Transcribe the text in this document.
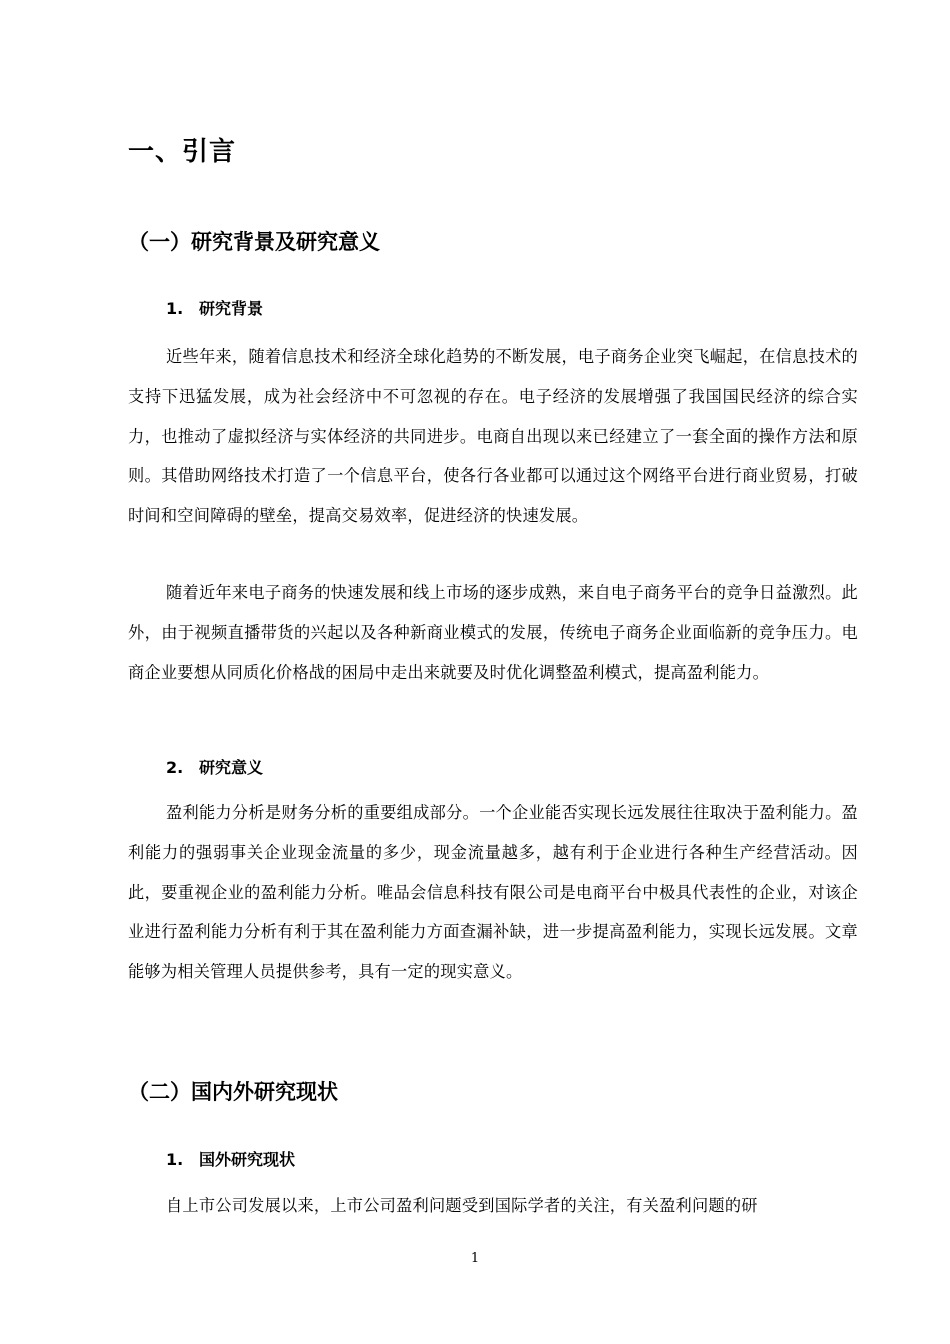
一、引言
（一）研究背景及研究意义
1. 研究背景

近些年来，随着信息技术和经济全球化趋势的不断发展，电子商务企业突飞崛起，在信息技术的支持下迅猛发展，成为社会经济中不可忽视的存在。电子经济的发展增强了我国国民经济的综合实力，也推动了虚拟经济与实体经济的共同进步。电商自出现以来已经建立了一套全面的操作方法和原则。其借助网络技术打造了一个信息平台，使各行各业都可以通过这个网络平台进行商业贸易，打破时间和空间障碍的壁垒，提高交易效率，促进经济的快速发展。

随着近年来电子商务的快速发展和线上市场的逐步成熟，来自电子商务平台的竞争日益激烈。此外，由于视频直播带货的兴起以及各种新商业模式的发展，传统电子商务企业面临新的竞争压力。电商企业要想从同质化价格战的困局中走出来就要及时优化调整盈利模式，提高盈利能力。

2. 研究意义

盈利能力分析是财务分析的重要组成部分。一个企业能否实现长远发展往往取决于盈利能力。盈利能力的强弱事关企业现金流量的多少，现金流量越多，越有利于企业进行各种生产经营活动。因此，要重视企业的盈利能力分析。唯品会信息科技有限公司是电商平台中极具代表性的企业，对该企业进行盈利能力分析有利于其在盈利能力方面查漏补缺，进一步提高盈利能力，实现长远发展。文章能够为相关管理人员提供参考，具有一定的现实意义。

（二）国内外研究现状
1. 国外研究现状

自上市公司发展以来，上市公司盈利问题受到国际学者的关注，有关盈利问题的研

1
